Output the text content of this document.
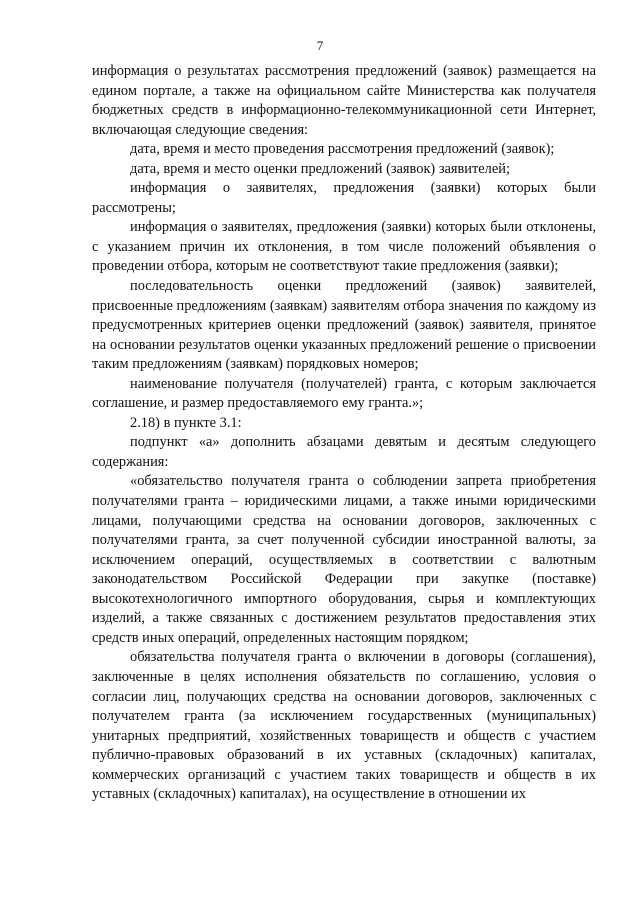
7

информация о результатах рассмотрения предложений (заявок) размещается на едином портале, а также на официальном сайте Министерства как получателя бюджетных средств в информационно-телекоммуникационной сети Интернет, включающая следующие сведения:

дата, время и место проведения рассмотрения предложений (заявок);

дата, время и место оценки предложений (заявок) заявителей;

информация о заявителях, предложения (заявки) которых были рассмотрены;

информация о заявителях, предложения (заявки) которых были отклонены, с указанием причин их отклонения, в том числе положений объявления о проведении отбора, которым не соответствуют такие предложения (заявки);

последовательность оценки предложений (заявок) заявителей, присвоенные предложениям (заявкам) заявителям отбора значения по каждому из предусмотренных критериев оценки предложений (заявок) заявителя, принятое на основании результатов оценки указанных предложений решение о присвоении таким предложениям (заявкам) порядковых номеров;

наименование получателя (получателей) гранта, с которым заключается соглашение, и размер предоставляемого ему гранта.»;

2.18) в пункте 3.1:

подпункт «а» дополнить абзацами девятым и десятым следующего содержания:

«обязательство получателя гранта о соблюдении запрета приобретения получателями гранта – юридическими лицами, а также иными юридическими лицами, получающими средства на основании договоров, заключенных с получателями гранта, за счет полученной субсидии иностранной валюты, за исключением операций, осуществляемых в соответствии с валютным законодательством Российской Федерации при закупке (поставке) высокотехнологичного импортного оборудования, сырья и комплектующих изделий, а также связанных с достижением результатов предоставления этих средств иных операций, определенных настоящим порядком;

обязательства получателя гранта о включении в договоры (соглашения), заключенные в целях исполнения обязательств по соглашению, условия о согласии лиц, получающих средства на основании договоров, заключенных с получателем гранта (за исключением государственных (муниципальных) унитарных предприятий, хозяйственных товариществ и обществ с участием публично-правовых образований в их уставных (складочных) капиталах, коммерческих организаций с участием таких товариществ и обществ в их уставных (складочных) капиталах), на осуществление в отношении их
